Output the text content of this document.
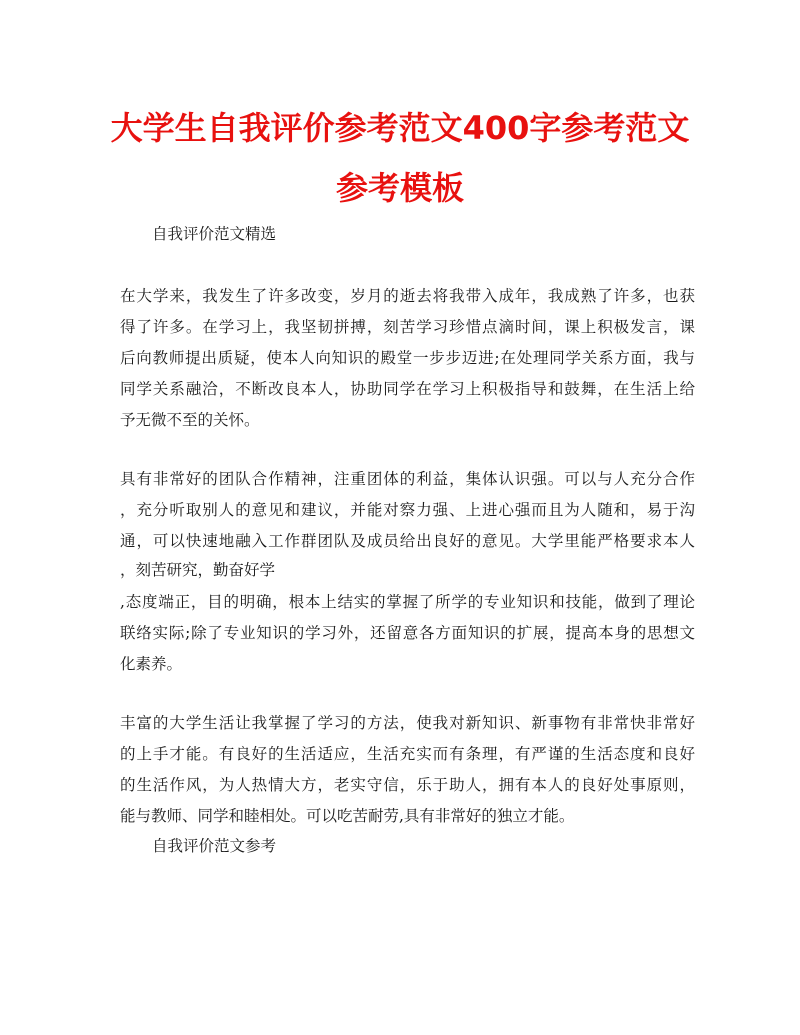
大学生自我评价参考范文400字参考范文
参考模板
自我评价范文精选
在大学来，我发生了许多改变，岁月的逝去将我带入成年，我成熟了许多，也获
得了许多。在学习上，我坚韧拼搏，刻苦学习珍惜点滴时间，课上积极发言，课
后向教师提出质疑，使本人向知识的殿堂一步步迈进;在处理同学关系方面，我与
同学关系融洽，不断改良本人，协助同学在学习上积极指导和鼓舞，在生活上给
予无微不至的关怀。
具有非常好的团队合作精神，注重团体的利益，集体认识强。可以与人充分合作
，充分听取别人的意见和建议，并能对察力强、上进心强而且为人随和，易于沟
通，可以快速地融入工作群团队及成员给出良好的意见。大学里能严格要求本人
，刻苦研究，勤奋好学
,态度端正，目的明确，根本上结实的掌握了所学的专业知识和技能，做到了理论
联络实际;除了专业知识的学习外，还留意各方面知识的扩展，提高本身的思想文
化素养。
丰富的大学生活让我掌握了学习的方法，使我对新知识、新事物有非常快非常好
的上手才能。有良好的生活适应，生活充实而有条理，有严谨的生活态度和良好
的生活作风，为人热情大方，老实守信，乐于助人，拥有本人的良好处事原则，
能与教师、同学和睦相处。可以吃苦耐劳,具有非常好的独立才能。
自我评价范文参考
